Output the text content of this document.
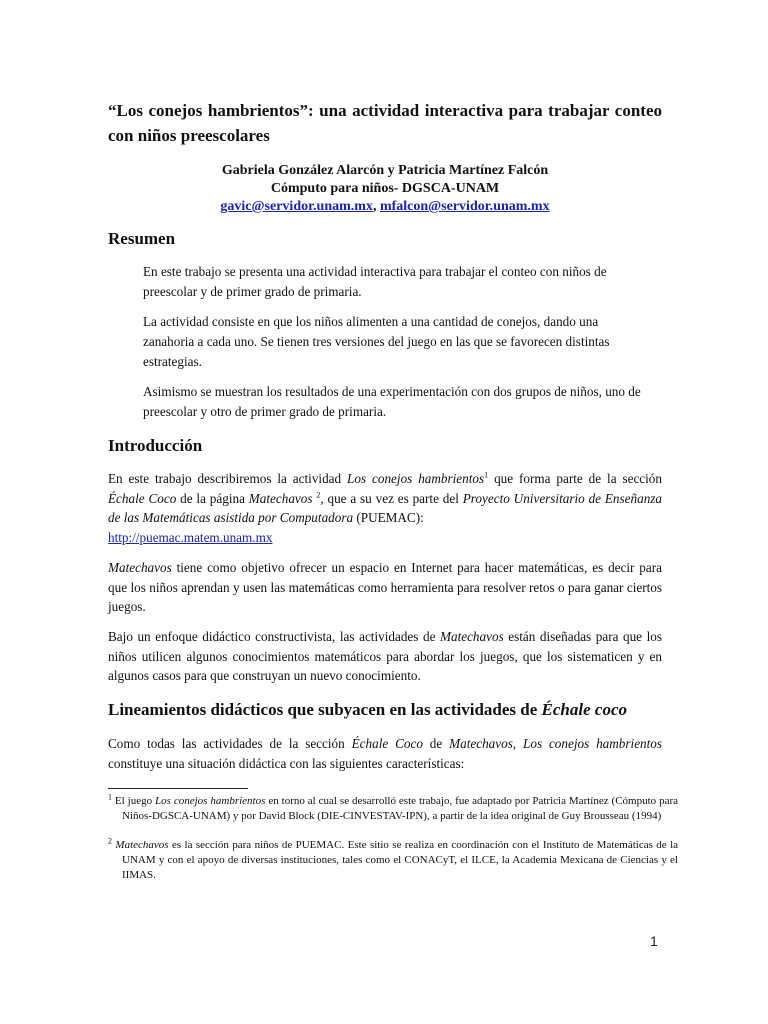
“Los conejos hambrientos”: una actividad interactiva para trabajar conteo con niños preescolares
Gabriela González Alarcón y Patricia Martínez Falcón
Cómputo para niños- DGSCA-UNAM
gavic@servidor.unam.mx, mfalcon@servidor.unam.mx
Resumen

En este trabajo se presenta una actividad interactiva para trabajar el conteo con niños de preescolar y de primer grado de primaria.

La actividad consiste en que los niños alimenten a una cantidad de conejos, dando una zanahoria a cada uno. Se tienen tres versiones del juego en las que se favorecen distintas estrategias.

Asimismo se muestran los resultados de una experimentación con dos grupos de niños, uno de preescolar y otro de primer grado de primaria.

Introducción

En este trabajo describiremos la actividad Los conejos hambrientos$^1$ que forma parte de la sección Échale Coco de la página Matechavos $^2$, que a su vez es parte del Proyecto Universitario de Enseñanza de las Matemáticas asistida por Computadora (PUEMAC):
http://puemac.matem.unam.mx

Matechavos tiene como objetivo ofrecer un espacio en Internet para hacer matemáticas, es decir para que los niños aprendan y usen las matemáticas como herramienta para resolver retos o para ganar ciertos juegos.

Bajo un enfoque didáctico constructivista, las actividades de Matechavos están diseñadas para que los niños utilicen algunos conocimientos matemáticos para abordar los juegos, que los sistematicen y en algunos casos para que construyan un nuevo conocimiento.

Lineamientos didácticos que subyacen en las actividades de Échale coco

Como todas las actividades de la sección Échale Coco de Matechavos, Los conejos hambrientos constituye una situación didáctica con las siguientes características:

$^1$ El juego Los conejos hambrientos en torno al cual se desarrolló este trabajo, fue adaptado por Patricia Martínez (Cómputo para Niños-DGSCA-UNAM) y por David Block (DIE-CINVESTAV-IPN), a partir de la idea original de Guy Brousseau (1994)

$^2$ Matechavos es la sección para niños de PUEMAC. Este sitio se realiza en coordinación con el Instituto de Matemáticas de la UNAM y con el apoyo de diversas instituciones, tales como el CONACyT, el ILCE, la Academia Mexicana de Ciencias y el IIMAS.

1
